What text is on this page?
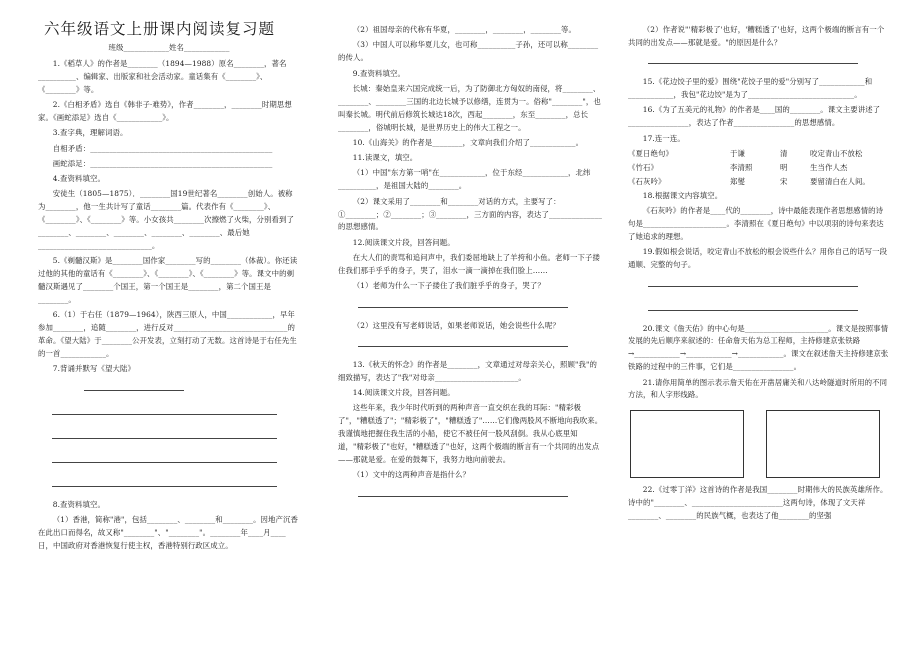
六年级语文上册课内阅读复习题
班级____________姓名____________

1.《稻草人》的作者是________（1894—1988）原名________，著名__________、编辑家、出版家和社会活动家。童话集有《________》、《________》等。

2.《白相矛盾》选自《韩非子·难势》，作者________，________时期思想家。《画蛇添足》选自《____________》。

3.查字典，理解词语。

自相矛盾：________________________________________________

画蛇添足：________________________________________________

4.查资料填空。

安徒生（1805—1875）．________国19世纪著名________创始人。被称为________，他一生共计写了童话________篇。代表作有《________》、《________》、《________》等。小女孩共________次擦燃了火柴，分别看到了________、________、________、________、________、最后她______________________________。

5.《剃髓汉斯》是________国作家________写的________（体裁）。你还读过他的其他的童话有《________》、《________》、《________》等。课文中的剃髓汉斯遇见了________个国王，第一个国王是________，第二个国王是________。

6.（1）于右任（1879—1964），陕西三原人，中国____________，早年参加________，追随________，进行反对______________________________的革命。《望大陆》于________公开发表，立刻打动了无数。这首诗是于右任先生的一首____________。

7.背诵并默写《望大陆》

8.查资料填空。

（1）香港，简称"港"，包括________、________和________。因地产沉香在此出口而得名，故又称"________"、"________"。________年____月____日，中国政府对香港恢复行使主权，香港特别行政区成立。

（2）祖国母亲的代称有华夏，________，________，________等。

（3）中国人可以称华夏儿女，也可称__________子孙，还可以称________的传人。

9.查资料填空。

长城：秦始皇来六国完成统一后，为了防御北方匈奴的南侵，将________、________、________三国的北边长城予以修缮，连贯为一。俗称"________"，也叫秦长城。明代前后修筑长城达18次，西起________，东至________，总长________，俗城明长城，是世界历史上的伟大工程之一。

10.《山海关》的作者是________，文章向我们介绍了____________。

11.读课文，填空。

（1）中国"东方第一哨"在____________，位于东经____________，北纬__________，是祖国大陆的________。

（2）课文采用了________和________对话的方式，主要写了：①________；②________；③________，三方面的内容，表达了______________的思想感情。

12.阅读课文片段，回答问题。

在大人们的责骂和追问声中，我们委屈地缺上了羊挎和小鱼。老师一下子搂住我们那手乎乎的身子，哭了，泪水一滴一滴掉在我们脸上……

（1）老师为什么一下子搂住了我们脏乎乎的身子，哭了？

（2）这里没有写老师说话，如果老师说话，她会说些什么呢？

13.《秋天的怀念》的作者是________，文章通过对母亲关心，照顾"我"的细致描写，表达了"我"对母亲______________________。

14.阅读课文片段，回答问题。

这些年来，我少年时代听到的两种声音一直交织在我的耳际："精彩极了"，"糟糕透了"；"精彩极了"，"糟糕透了"……它们像两股风不断地向我吹来。我谨慎地把握住我生活的小船，使它不被任何一股风刮倒。我从心底里知道，"精彩极了"也好，"糟糕透了"也好，这两个极端的断言有一个共同的出发点——那就是爱。在爱的鼓舞下，我努力地向前驶去。

（1）文中的这两种声音是指什么？

（2）作者说"'精彩极了'也好，'糟糕透了'也好，这两个极端的断言有一个共同的出发点——那就是爱。"的原因是什么？

15.《花边饺子里的爱》围绕"花饺子里的爱"分别写了____________和____________，我包"花边饺"是为了____________________________。

16.《为了五美元的礼物》的作者是____国的________。课文主要讲述了________________，表达了作者________________的思想感情。

17.连一连。

《夏日绝句》	于谦	清	咬定青山不放松
《竹石》	李清照	明	生当作人杰
《石灰吟》	郑燮	宋	要留清白在人间。

18.根据课文内容填空。

《石灰吟》的作者是____代的________，诗中最能表现作者思想感情的诗句是______________________。李清照在《夏日绝句》中以项羽的诗句来表达了她追求的理想。

19.假如根会说话，咬定青山不放松的根会说些什么？用你自己的话写一段通顺、完整的句子。

20.课文《詹天佑》的中心句是______________________。课文是按照事情发展的先后顺序来叙述的：任命詹天佑为总工程师，主持修建京张铁路→____________→____________→____________。课文在叙述詹天主持修建京张铁路的过程中的三件事，它们是________________。

21.请你用简单的图示表示詹天佑在开凿居庸关和八达岭隧道时所用的不同方法，和人字形线路。

22.《过零丁洋》这首诗的作者是我国________时期伟大的民族英雄所作。诗中的"________、________________________这两句诗，体现了文天祥________、________的民族气概，也表达了他________的坚强
